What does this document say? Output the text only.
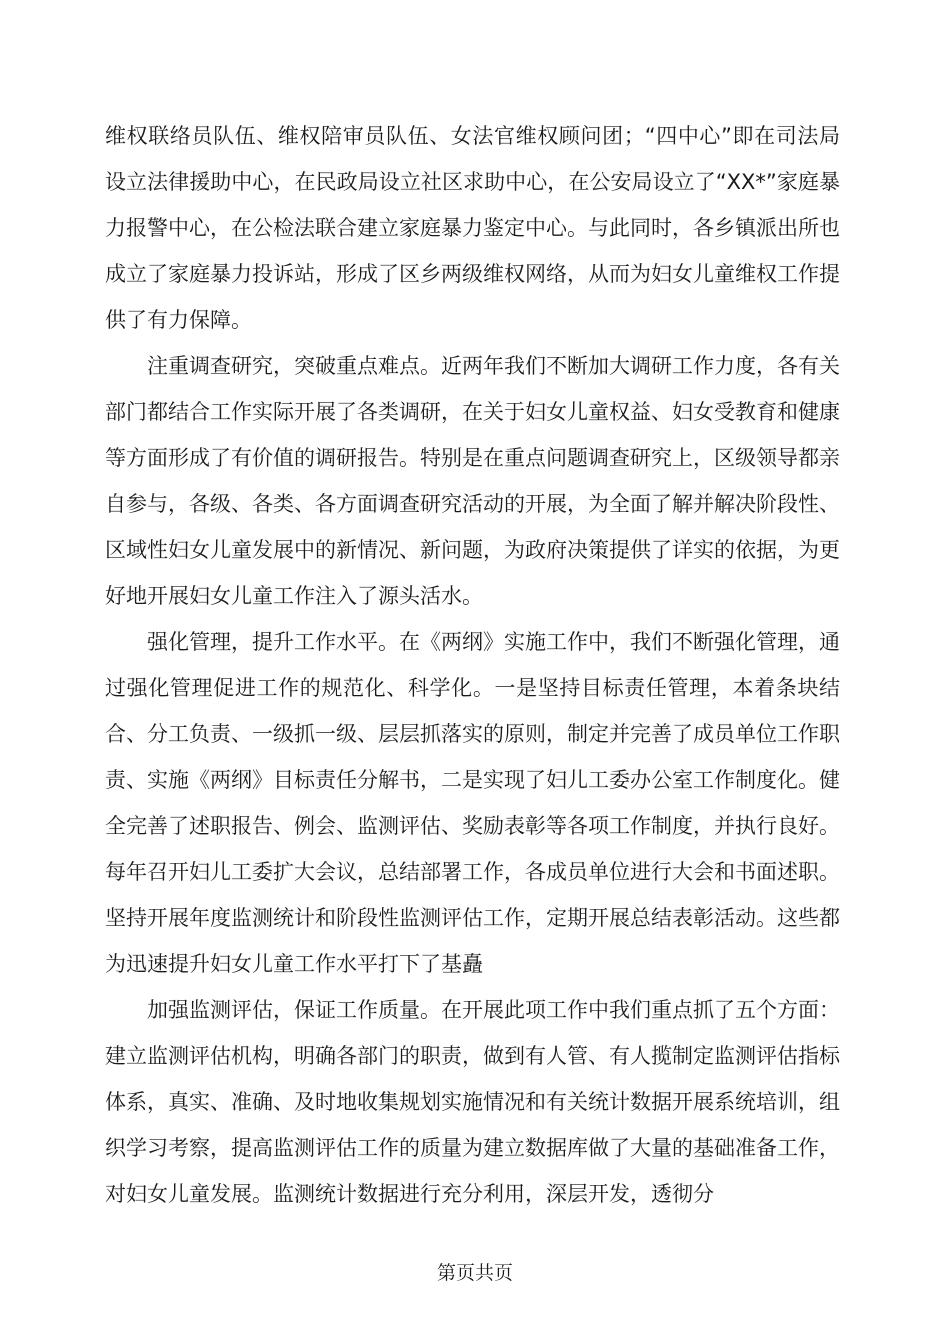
维权联络员队伍、维权陪审员队伍、女法官维权顾问团；“四中心”即在司法局设立法律援助中心，在民政局设立社区求助中心，在公安局设立了“XX*”家庭暴力报警中心，在公检法联合建立家庭暴力鉴定中心。与此同时，各乡镇派出所也成立了家庭暴力投诉站，形成了区乡两级维权网络，从而为妇女儿童维权工作提供了有力保障。

注重调查研究，突破重点难点。近两年我们不断加大调研工作力度，各有关部门都结合工作实际开展了各类调研，在关于妇女儿童权益、妇女受教育和健康等方面形成了有价值的调研报告。特别是在重点问题调查研究上，区级领导都亲自参与，各级、各类、各方面调查研究活动的开展，为全面了解并解决阶段性、区域性妇女儿童发展中的新情况、新问题，为政府决策提供了详实的依据，为更好地开展妇女儿童工作注入了源头活水。

强化管理，提升工作水平。在《两纲》实施工作中，我们不断强化管理，通过强化管理促进工作的规范化、科学化。一是坚持目标责任管理，本着条块结合、分工负责、一级抓一级、层层抓落实的原则，制定并完善了成员单位工作职责、实施《两纲》目标责任分解书，二是实现了妇儿工委办公室工作制度化。健全完善了述职报告、例会、监测评估、奖励表彰等各项工作制度，并执行良好。每年召开妇儿工委扩大会议，总结部署工作，各成员单位进行大会和书面述职。坚持开展年度监测统计和阶段性监测评估工作，定期开展总结表彰活动。这些都为迅速提升妇女儿童工作水平打下了基矗

加强监测评估，保证工作质量。在开展此项工作中我们重点抓了五个方面：建立监测评估机构，明确各部门的职责，做到有人管、有人揽制定监测评估指标体系，真实、准确、及时地收集规划实施情况和有关统计数据开展系统培训，组织学习考察，提高监测评估工作的质量为建立数据库做了大量的基础准备工作，对妇女儿童发展。监测统计数据进行充分利用，深层开发，透彻分

第页共页
